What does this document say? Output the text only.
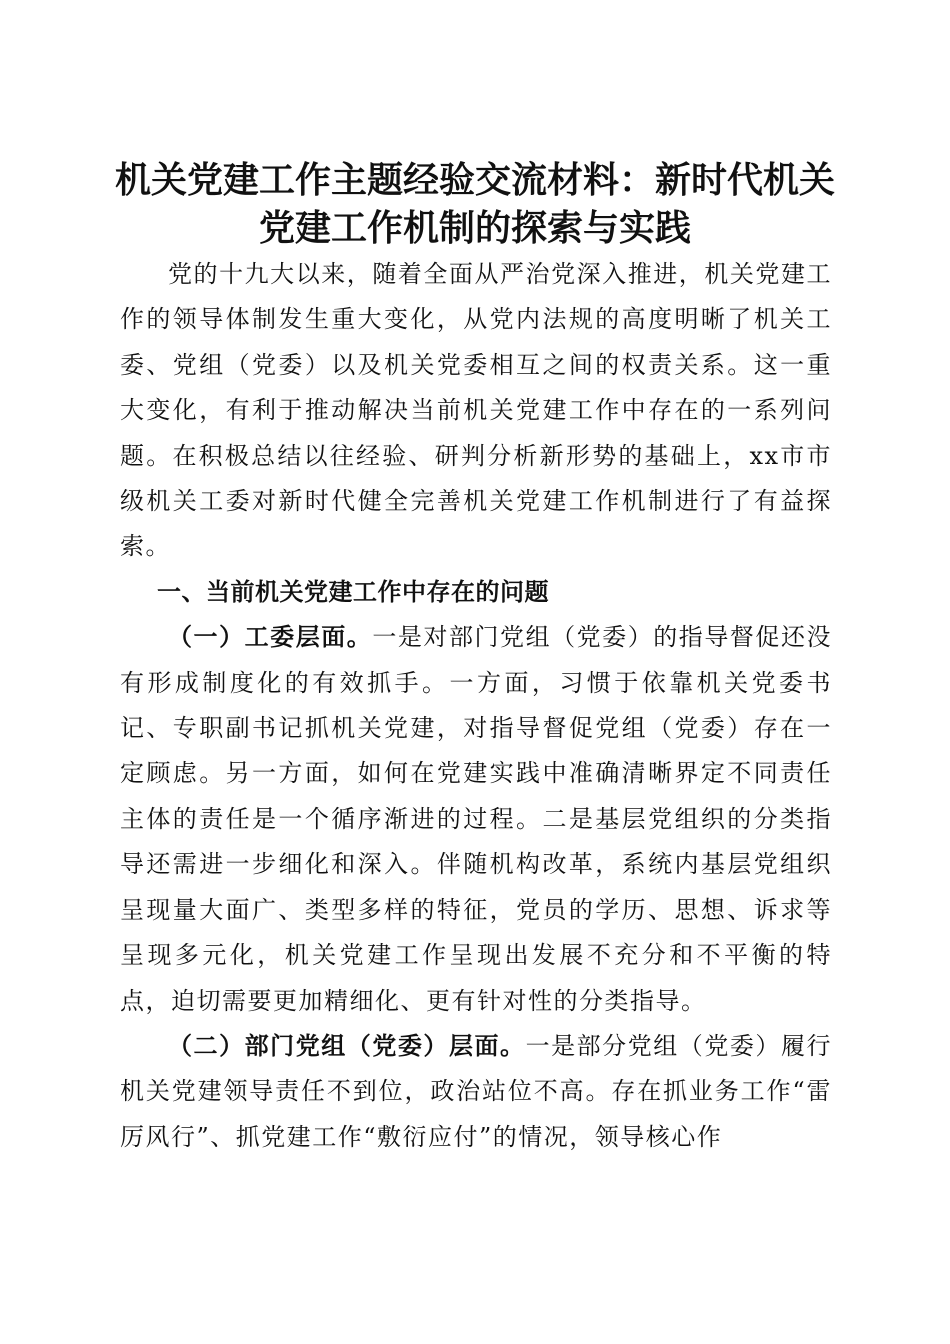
机关党建工作主题经验交流材料：新时代机关
党建工作机制的探索与实践

党的十九大以来，随着全面从严治党深入推进，机关党建工作的领导体制发生重大变化，从党内法规的高度明晰了机关工委、党组（党委）以及机关党委相互之间的权责关系。这一重大变化，有利于推动解决当前机关党建工作中存在的一系列问题。在积极总结以往经验、研判分析新形势的基础上，xx市市级机关工委对新时代健全完善机关党建工作机制进行了有益探索。

一、当前机关党建工作中存在的问题

（一）工委层面。一是对部门党组（党委）的指导督促还没有形成制度化的有效抓手。一方面，习惯于依靠机关党委书记、专职副书记抓机关党建，对指导督促党组（党委）存在一定顾虑。另一方面，如何在党建实践中准确清晰界定不同责任主体的责任是一个循序渐进的过程。二是基层党组织的分类指导还需进一步细化和深入。伴随机构改革，系统内基层党组织呈现量大面广、类型多样的特征，党员的学历、思想、诉求等呈现多元化，机关党建工作呈现出发展不充分和不平衡的特点，迫切需要更加精细化、更有针对性的分类指导。

（二）部门党组（党委）层面。一是部分党组（党委）履行机关党建领导责任不到位，政治站位不高。存在抓业务工作“雷厉风行”、抓党建工作“敷衍应付”的情况，领导核心作
